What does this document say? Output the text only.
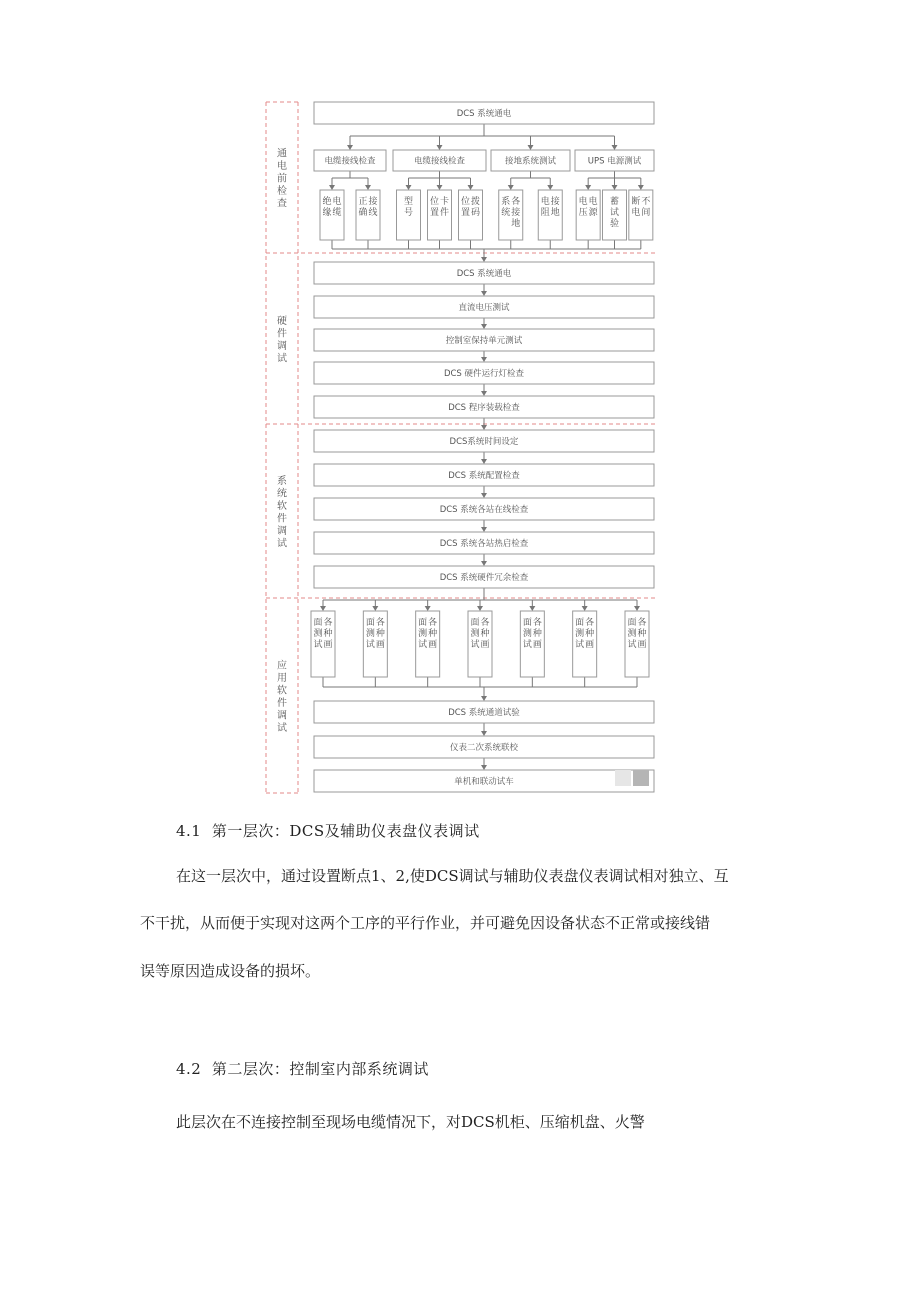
通电前检查
硬件调试
系统软件调试
应用软件调试
DCS 系统通电
电缆接线检查
电缆绝缘
接线正确
电缆接线检查
型号
卡件位置
拨码位置
接地系统测试
各接地系统
接地电阻
UPS 电源测试
电源电压
蓄试验
不间断电
DCS 系统通电
直流电压测试
控制室保持单元测试
DCS 硬件运行灯检查
DCS 程序装载检查
DCS系统时间设定
DCS 系统配置检查
DCS 系统各站在线检查
DCS 系统各站热启检查
DCS 系统硬件冗余检查
各种画面测试
各种画面测试
各种画面测试
各种画面测试
各种画面测试
各种画面测试
各种画面测试
DCS 系统通道试验
仪表二次系统联校
单机和联动试车
4.1  第一层次：DCS及辅助仪表盘仪表调试
在这一层次中，通过设置断点1、2,使DCS调试与辅助仪表盘仪表调试相对独立、互
不干扰，从而便于实现对这两个工序的平行作业，并可避免因设备状态不正常或接线错
误等原因造成设备的损坏。
4.2  第二层次：控制室内部系统调试
此层次在不连接控制至现场电缆情况下，对DCS机柜、压缩机盘、火警
